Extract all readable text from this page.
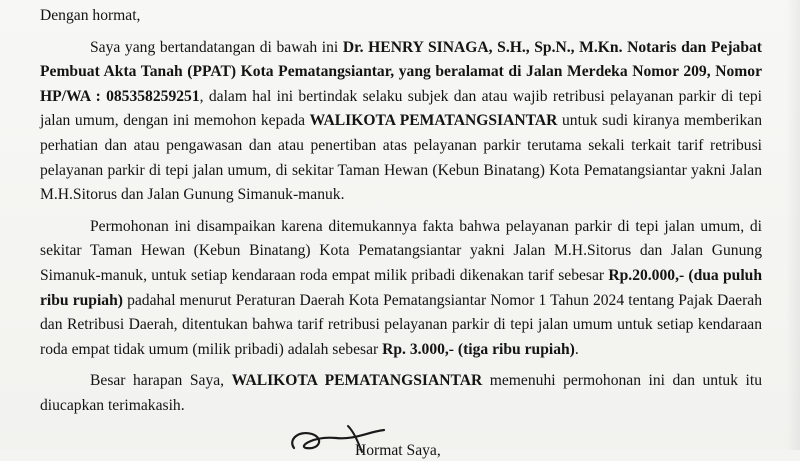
Dengan hormat,

Saya yang bertandatangan di bawah ini Dr. HENRY SINAGA, S.H., Sp.N., M.Kn. Notaris dan Pejabat Pembuat Akta Tanah (PPAT) Kota Pematangsiantar, yang beralamat di Jalan Merdeka Nomor 209, Nomor HP/WA : 085358259251, dalam hal ini bertindak selaku subjek dan atau wajib retribusi pelayanan parkir di tepi jalan umum, dengan ini memohon kepada WALIKOTA PEMATANGSIANTAR untuk sudi kiranya memberikan perhatian dan atau pengawasan dan atau penertiban atas pelayanan parkir terutama sekali terkait tarif retribusi pelayanan parkir di tepi jalan umum, di sekitar Taman Hewan (Kebun Binatang) Kota Pematangsiantar yakni Jalan M.H.Sitorus dan Jalan Gunung Simanuk-manuk.

Permohonan ini disampaikan karena ditemukannya fakta bahwa pelayanan parkir di tepi jalan umum, di sekitar Taman Hewan (Kebun Binatang) Kota Pematangsiantar yakni Jalan M.H.Sitorus dan Jalan Gunung Simanuk-manuk, untuk setiap kendaraan roda empat milik pribadi dikenakan tarif sebesar Rp.20.000,- (dua puluh ribu rupiah) padahal menurut Peraturan Daerah Kota Pematangsiantar Nomor 1 Tahun 2024 tentang Pajak Daerah dan Retribusi Daerah, ditentukan bahwa tarif retribusi pelayanan parkir di tepi jalan umum untuk setiap kendaraan roda empat tidak umum (milik pribadi) adalah sebesar Rp. 3.000,- (tiga ribu rupiah).

Besar harapan Saya, WALIKOTA PEMATANGSIANTAR memenuhi permohonan ini dan untuk itu diucapkan terimakasih.

Hormat Saya,
